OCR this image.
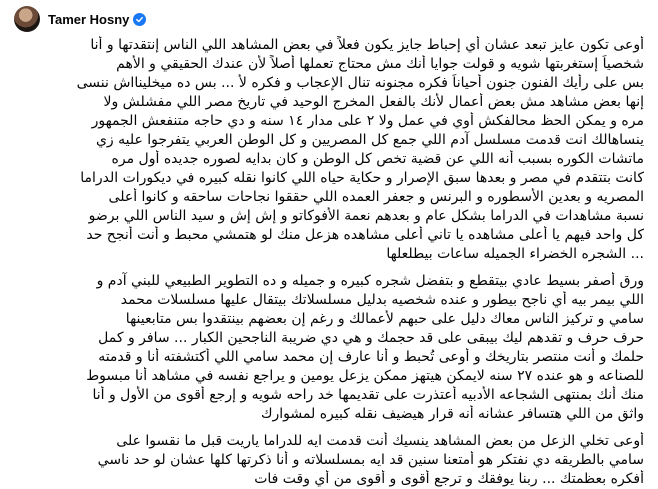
Tamer Hosny
أوعى تكون عايز تبعد عشان أي إحباط جايز يكون فعلاً في بعض المشاهد اللي الناس إنتقدتها و أنا
شخصياً إستغربتها شويه و قولت جوايا أنك مش محتاج تعملها أصلاً لأن عندك الحقيقي و الأهم
بس على رأيك الفنون جنون أحياناً فكره مجنونه تنال الإعجاب و فكره لأ ... بس ده ميخلينااش ننسى
إنها بعض مشاهد مش بعض أعمال لأنك بالفعل المخرج الوحيد في تاريخ مصر اللي مفشلش ولا
مره و يمكن الحظ محالفكش أوي في عمل ولا ٢ على مدار ١٤ سنه و دي حاجه متنفعش الجمهور
ينساهالك انت قدمت مسلسل آدم اللي جمع كل المصريين و كل الوطن العربي يتفرجوا عليه زي
ماتشات الكوره بسبب أنه اللي عن قضية تخص كل الوطن و كان بدايه لصوره جديده أول مره
كانت بتتقدم في مصر و بعدها سبق الإصرار و حكاية حياه اللي كانوا نقله كبيره في ديكورات الدراما
المصريه و بعدين الأسطوره و البرنس و جعفر العمده اللي حققوا نجاحات ساحقه و كانوا أعلى
نسبة مشاهدات في الدراما بشكل عام و بعدهم نعمة الأفوكاتو و إش إش و سيد الناس اللي برضو
كل واحد فيهم يا أعلى مشاهده يا تاني أعلى مشاهده هزعل منك لو هتمشي محبط و أنت أنجح حد
... الشجره الخضراء الجميله ساعات بيطلعلها
ورق أصفر بسيط عادي بيتقطع و بتفضل شجره كبيره و جميله و ده التطوير الطبيعي للبني آدم و
اللي بيمر بيه أي ناجح بيطور و عنده شخصيه بدليل مسلسلاتك بيتقال عليها مسلسلات محمد
سامي و تركيز الناس معاك دليل على حبهم لأعمالك و رغم إن بعضهم بينتقدوا بس متابعينها
حرف حرف و تقدهم ليك بيبقى على قد حجمك و هي دي ضريبة الناجحين الكبار ... سافر و كمل
حلمك و أنت منتصر بتاريخك و أوعى تُحبط و أنا عارف إن محمد سامي اللي أكتشفته أنا و قدمته
للصناعه و هو عنده ٢٧ سنه لايمكن هيتهز ممكن يزعل يومين و يراجع نفسه في مشاهد أنا مبسوط
منك أنك بمنتهى الشجاعه الأدبيه أعتذرت على تقديمها خد راحه شويه و إرجع أقوى من الأول و أنا
واثق من اللي هتسافر عشانه أنه قرار هيضيف نقله كبيره لمشوارك
أوعى تخلي الزعل من بعض المشاهد ينسيك أنت قدمت ايه للدراما ياريت قبل ما نقسوا على
سامي بالطريقه دي نفتكر هو أمتعنا سنين قد ايه بمسلسلاته و أنا ذكرتها كلها عشان لو حد ناسي
أفكره بعظمتك ... ربنا يوفقك و ترجع أقوى و أقوى من أي وقت فات
